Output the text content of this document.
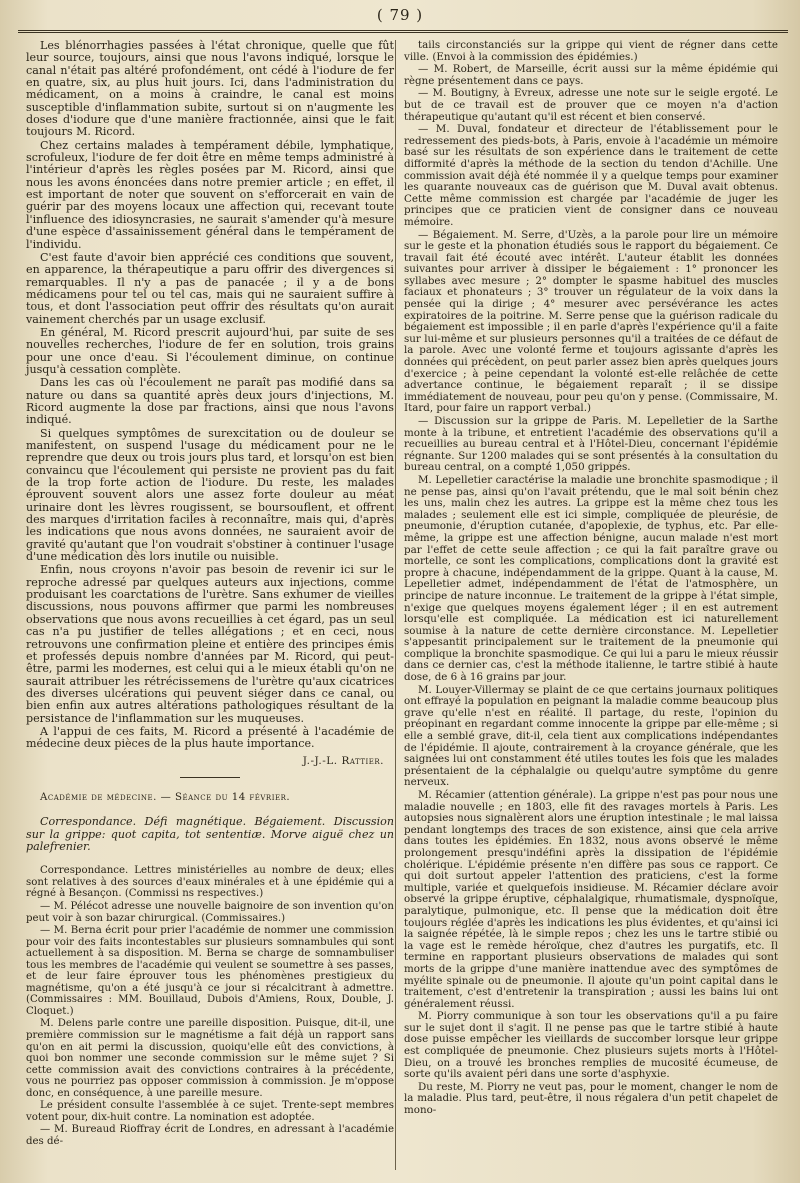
( 79 )

Les blénorrhagies passées à l'état chronique, quelle que fût leur source, toujours, ainsi que nous l'avons indiqué, lorsque le canal n'était pas altéré profondément, ont cédé à l'iodure de fer en quatre, six, au plus huit jours. Ici, dans l'administration du médicament, on a moins à craindre, le canal est moins susceptible d'inflammation subite, surtout si on n'augmente les doses d'iodure que d'une manière fractionnée, ainsi que le fait toujours M. Ricord.

Chez certains malades à tempérament débile, lymphatique, scrofuleux, l'iodure de fer doit être en même temps administré à l'intérieur d'après les règles posées par M. Ricord, ainsi que nous les avons énoncées dans notre premier article ; en effet, il est important de noter que souvent on s'efforcerait en vain de guérir par des moyens locaux une affection qui, recevant toute l'influence des idiosyncrasies, ne saurait s'amender qu'à mesure d'une espèce d'assainissement général dans le tempérament de l'individu.

C'est faute d'avoir bien apprécié ces conditions que souvent, en apparence, la thérapeutique a paru offrir des divergences si remarquables. Il n'y a pas de panacée ; il y a de bons médicamens pour tel ou tel cas, mais qui ne sauraient suffire à tous, et dont l'association peut offrir des résultats qu'on aurait vainement cherchés par un usage exclusif.

En général, M. Ricord prescrit aujourd'hui, par suite de ses nouvelles recherches, l'iodure de fer en solution, trois grains pour une once d'eau. Si l'écoulement diminue, on continue jusqu'à cessation complète.

Dans les cas où l'écoulement ne paraît pas modifié dans sa nature ou dans sa quantité après deux jours d'injections, M. Ricord augmente la dose par fractions, ainsi que nous l'avons indiqué.

Si quelques symptômes de surexcitation ou de douleur se manifestent, on suspend l'usage du médicament pour ne le reprendre que deux ou trois jours plus tard, et lorsqu'on est bien convaincu que l'écoulement qui persiste ne provient pas du fait de la trop forte action de l'iodure. Du reste, les malades éprouvent souvent alors une assez forte douleur au méat urinaire dont les lèvres rougissent, se boursouflent, et offrent des marques d'irritation faciles à reconnaître, mais qui, d'après les indications que nous avons données, ne sauraient avoir de gravité qu'autant que l'on voudrait s'obstiner à continuer l'usage d'une médication dès lors inutile ou nuisible.

Enfin, nous croyons n'avoir pas besoin de revenir ici sur le reproche adressé par quelques auteurs aux injections, comme produisant les coarctations de l'urètre. Sans exhumer de vieilles discussions, nous pouvons affirmer que parmi les nombreuses observations que nous avons recueillies à cet égard, pas un seul cas n'a pu justifier de telles allégations ; et en ceci, nous retrouvons une confirmation pleine et entière des principes émis et professés depuis nombre d'années par M. Ricord, qui peut-être, parmi les modernes, est celui qui a le mieux établi qu'on ne saurait attribuer les rétrécissemens de l'urètre qu'aux cicatrices des diverses ulcérations qui peuvent siéger dans ce canal, ou bien enfin aux autres altérations pathologiques résultant de la persistance de l'inflammation sur les muqueuses.

A l'appui de ces faits, M. Ricord a présenté à l'académie de médecine deux pièces de la plus haute importance.

J.-J.-L. Rattier.
Académie de médecine. — Séance du 14 février.
Correspondance. Défi magnétique. Bégaiement. Discussion sur la grippe: quot capita, tot sententiæ. Morve aiguë chez un palefrenier.

Correspondance. Lettres ministérielles au nombre de deux; elles sont relatives à des sources d'eaux minérales et à une épidémie qui a régné à Besançon. (Commissi ns respectives.)

— M. Pélécot adresse une nouvelle baignoire de son invention qu'on peut voir à son bazar chirurgical. (Commissaires.)

— M. Berna écrit pour prier l'académie de nommer une commission pour voir des faits incontestables sur plusieurs somnambules qui sont actuellement à sa disposition. M. Berna se charge de somnambuliser tous les membres de l'académie qui veulent se soumettre à ses passes, et de leur faire éprouver tous les phénomènes prestigieux du magnétisme, qu'on a été jusqu'à ce jour si récalcitrant à admettre. (Commissaires : MM. Bouillaud, Dubois d'Amiens, Roux, Double, J. Cloquet.)

M. Delens parle contre une pareille disposition. Puisque, dit-il, une première commission sur le magnétisme a fait déjà un rapport sans qu'on en ait permi la discussion, quoiqu'elle eût des convictions, à quoi bon nommer une seconde commission sur le même sujet ? Si cette commission avait des convictions contraires à la précédente, vous ne pourriez pas opposer commission à commission. Je m'oppose donc, en conséquence, à une pareille mesure.

Le président consulte l'assemblée à ce sujet. Trente-sept membres votent pour, dix-huit contre. La nomination est adoptée.

— M. Bureaud Rioffray écrit de Londres, en adressant à l'académie des dé-

tails circonstanciés sur la grippe qui vient de régner dans cette ville. (Envoi à la commission des épidémies.)

— M. Robert, de Marseille, écrit aussi sur la même épidémie qui règne présentement dans ce pays.

— M. Boutigny, à Evreux, adresse une note sur le seigle ergoté. Le but de ce travail est de prouver que ce moyen n'a d'action thérapeutique qu'autant qu'il est récent et bien conservé.

— M. Duval, fondateur et directeur de l'établissement pour le redressement des pieds-bots, à Paris, envoie à l'académie un mémoire basé sur les résultats de son expérience dans le traitement de cette difformité d'après la méthode de la section du tendon d'Achille. Une commission avait déjà été nommée il y a quelque temps pour examiner les quarante nouveaux cas de guérison que M. Duval avait obtenus. Cette même commission est chargée par l'académie de juger les principes que ce praticien vient de consigner dans ce nouveau mémoire.

— Bégaiement. M. Serre, d'Uzès, a la parole pour lire un mémoire sur le geste et la phonation étudiés sous le rapport du bégaiement. Ce travail fait été écouté avec intérêt. L'auteur établit les données suivantes pour arriver à dissiper le bégaiement : 1° prononcer les syllabes avec mesure ; 2° dompter le spasme habituel des muscles faciaux et phonateurs ; 3° trouver un régulateur de la voix dans la pensée qui la dirige ; 4° mesurer avec persévérance les actes expiratoires de la poitrine. M. Serre pense que la guérison radicale du bégaiement est impossible ; il en parle d'après l'expérience qu'il a faite sur lui-même et sur plusieurs personnes qu'il a traitées de ce défaut de la parole. Avec une volonté ferme et toujours agissante d'après les données qui précèdent, on peut parler assez bien après quelques jours d'exercice ; à peine cependant la volonté est-elle relâchée de cette advertance continue, le bégaiement reparaît ; il se dissipe immédiatement de nouveau, pour peu qu'on y pense. (Commissaire, M. Itard, pour faire un rapport verbal.)

— Discussion sur la grippe de Paris. M. Lepelletier de la Sarthe monte à la tribune, et entretient l'académie des observations qu'il a recueillies au bureau central et à l'Hôtel-Dieu, concernant l'épidémie régnante. Sur 1200 malades qui se sont présentés à la consultation du bureau central, on a compté 1,050 grippés.

M. Lepelletier caractérise la maladie une bronchite spasmodique ; il ne pense pas, ainsi qu'on l'avait prétendu, que le mal soit bénin chez les uns, malin chez les autres. La grippe est la même chez tous les malades ; seulement elle est ici simple, compliquée de pleurésie, de pneumonie, d'éruption cutanée, d'apoplexie, de typhus, etc. Par elle-même, la grippe est une affection bénigne, aucun malade n'est mort par l'effet de cette seule affection ; ce qui la fait paraître grave ou mortelle, ce sont les complications, complications dont la gravité est propre à chacune, indépendamment de la grippe. Quant à la cause, M. Lepelletier admet, indépendamment de l'état de l'atmosphère, un principe de nature inconnue. Le traitement de la grippe à l'état simple, n'exige que quelques moyens également léger ; il en est autrement lorsqu'elle est compliquée. La médication est ici naturellement soumise à la nature de cette dernière circonstance. M. Lepelletier s'appesantit principalement sur le traitement de la pneumonie qui complique la bronchite spasmodique. Ce qui lui a paru le mieux réussir dans ce dernier cas, c'est la méthode italienne, le tartre stibié à haute dose, de 6 à 16 grains par jour.

M. Louyer-Villermay se plaint de ce que certains journaux politiques ont effrayé la population en peignant la maladie comme beaucoup plus grave qu'elle n'est en réalité. Il partage, du reste, l'opinion du préopinant en regardant comme innocente la grippe par elle-même ; si elle a semblé grave, dit-il, cela tient aux complications indépendantes de l'épidémie. Il ajoute, contrairement à la croyance générale, que les saignées lui ont constamment été utiles toutes les fois que les malades présentaient de la céphalalgie ou quelqu'autre symptôme du genre nerveux.

M. Récamier (attention générale). La grippe n'est pas pour nous une maladie nouvelle ; en 1803, elle fit des ravages mortels à Paris. Les autopsies nous signalèrent alors une éruption intestinale ; le mal laissa pendant longtemps des traces de son existence, ainsi que cela arrive dans toutes les épidémies. En 1832, nous avons observé le même prolongement presqu'indéfini après la dissipation de l'épidémie cholérique. L'épidémie présente n'en diffère pas sous ce rapport. Ce qui doit surtout appeler l'attention des praticiens, c'est la forme multiple, variée et quelquefois insidieuse. M. Récamier déclare avoir observé la grippe éruptive, céphalalgique, rhumatismale, dyspnoïque, paralytique, pulmonique, etc. Il pense que la médication doit être toujours réglée d'après les indications les plus évidentes, et qu'ainsi ici la saignée répétée, là le simple repos ; chez les uns le tartre stibié ou la vage est le remède héroïque, chez d'autres les purgatifs, etc. Il termine en rapportant plusieurs observations de malades qui sont morts de la grippe d'une manière inattendue avec des symptômes de myélite spinale ou de pneumonie. Il ajoute qu'un point capital dans le traitement, c'est d'entretenir la transpiration ; aussi les bains lui ont généralement réussi.

M. Piorry communique à son tour les observations qu'il a pu faire sur le sujet dont il s'agit. Il ne pense pas que le tartre stibié à haute dose puisse empêcher les vieillards de succomber lorsque leur grippe est compliquée de pneumonie. Chez plusieurs sujets morts à l'Hôtel-Dieu, on a trouvé les bronches remplies de mucosité écumeuse, de sorte qu'ils avaient péri dans une sorte d'asphyxie.

Du reste, M. Piorry ne veut pas, pour le moment, changer le nom de la maladie. Plus tard, peut-être, il nous régalera d'un petit chapelet de mono-
